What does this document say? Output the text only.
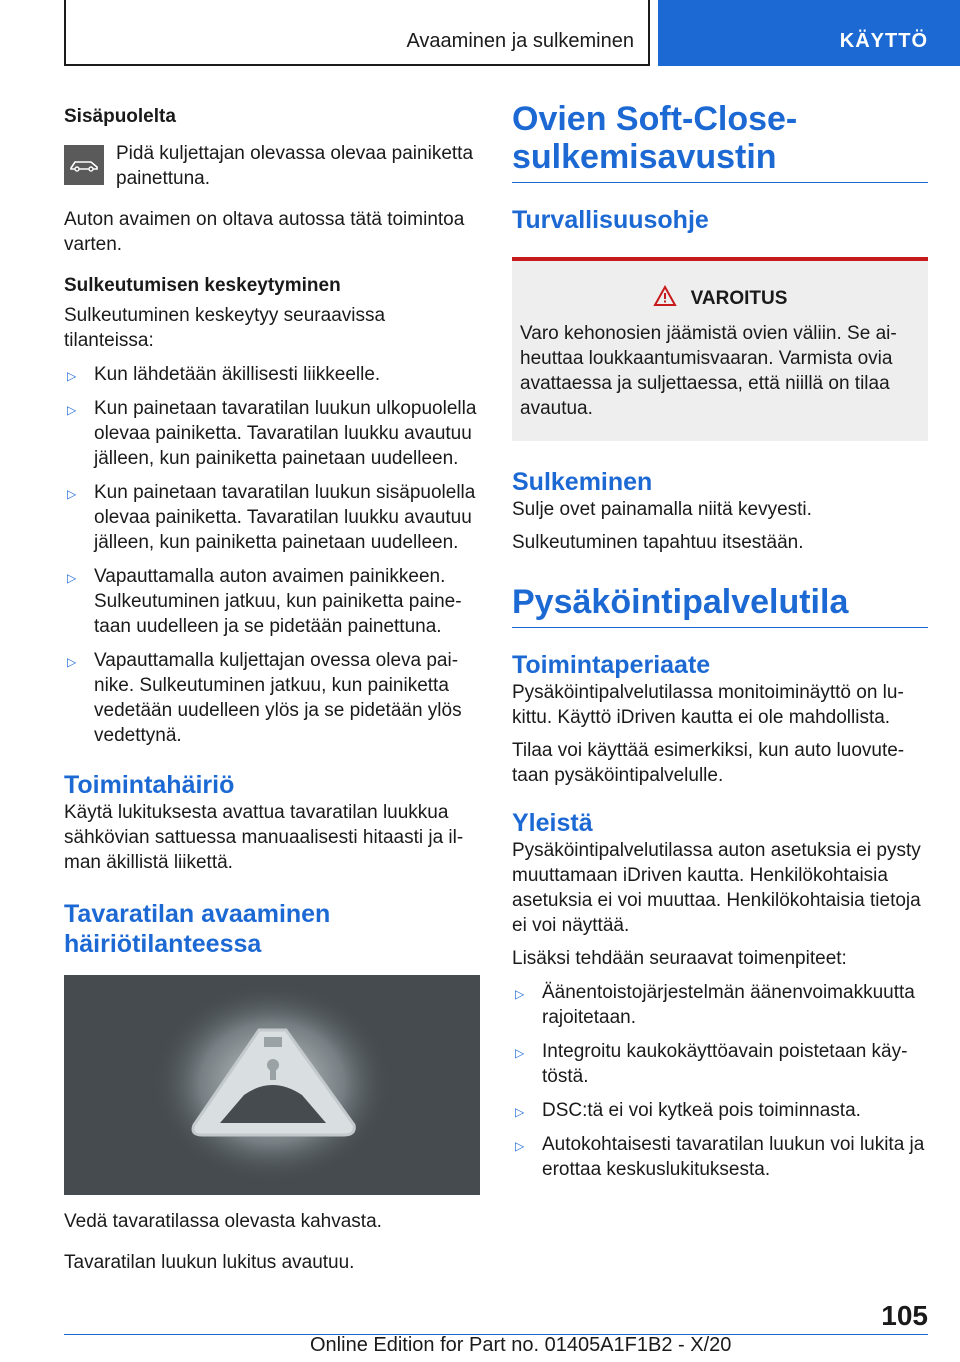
Avaaminen ja sulkeminen	KÄYTTÖ
Sisäpuolelta

Pidä kuljettajan olevassa olevaa painiketta painettuna.

Auton avaimen on oltava autossa tätä toimintoa varten.

Sulkeutumisen keskeytyminen

Sulkeutuminen keskeytyy seuraavissa tilanteissa:

▷ Kun lähdetään äkillisesti liikkeelle.
▷ Kun painetaan tavaratilan luukun ulkopuolella olevaa painiketta. Tavaratilan luukku avautuu jälleen, kun painiketta painetaan uudelleen.
▷ Kun painetaan tavaratilan luukun sisäpuolella olevaa painiketta. Tavaratilan luukku avautuu jälleen, kun painiketta painetaan uudelleen.
▷ Vapauttamalla auton avaimen painikkeen. Sulkeutuminen jatkuu, kun painiketta paine-taan uudelleen ja se pidetään painettuna.
▷ Vapauttamalla kuljettajan ovessa oleva pai-nike. Sulkeutuminen jatkuu, kun painiketta vedetään uudelleen ylös ja se pidetään ylös vedettynä.
Toimintahäiriö

Käytä lukituksesta avattua tavaratilan luukkua sähkövian sattuessa manuaalisesti hitaasti ja il-man äkillistä liikettä.

Tavaratilan avaaminen häiriötilanteessa

Vedä tavaratilassa olevasta kahvasta.

Tavaratilan luukun lukitus avautuu.

Ovien Soft-Close-sulkemisavustin
Turvallisuusohje
VAROITUS

Varo kehonosien jäämistä ovien väliin. Se ai-heuttaa loukkaantumisvaaran. Varmista ovia avattaessa ja suljettaessa, että niillä on tilaa avautua.

Sulkeminen

Sulje ovet painamalla niitä kevyesti.

Sulkeutuminen tapahtuu itsestään.

Pysäköintipalvelutila
Toimintaperiaate

Pysäköintipalvelutilassa monitoiminäyttö on lu-kittu. Käyttö iDriven kautta ei ole mahdollista.

Tilaa voi käyttää esimerkiksi, kun auto luovute-taan pysäköintipalvelulle.

Yleistä

Pysäköintipalvelutilassa auton asetuksia ei pysty muuttamaan iDriven kautta. Henkilökohtaisia asetuksia ei voi muuttaa. Henkilökohtaisia tietoja ei voi näyttää.

Lisäksi tehdään seuraavat toimenpiteet:

▷ Äänentoistojärjestelmän äänenvoimakkuutta rajoitetaan.
▷ Integroitu kaukokäyttöavain poistetaan käy-töstä.
▷ DSC:tä ei voi kytkeä pois toiminnasta.
▷ Autokohtaisesti tavaratilan luukun voi lukita ja erottaa keskuslukituksesta.
105
Online Edition for Part no. 01405A1F1B2 - X/20
